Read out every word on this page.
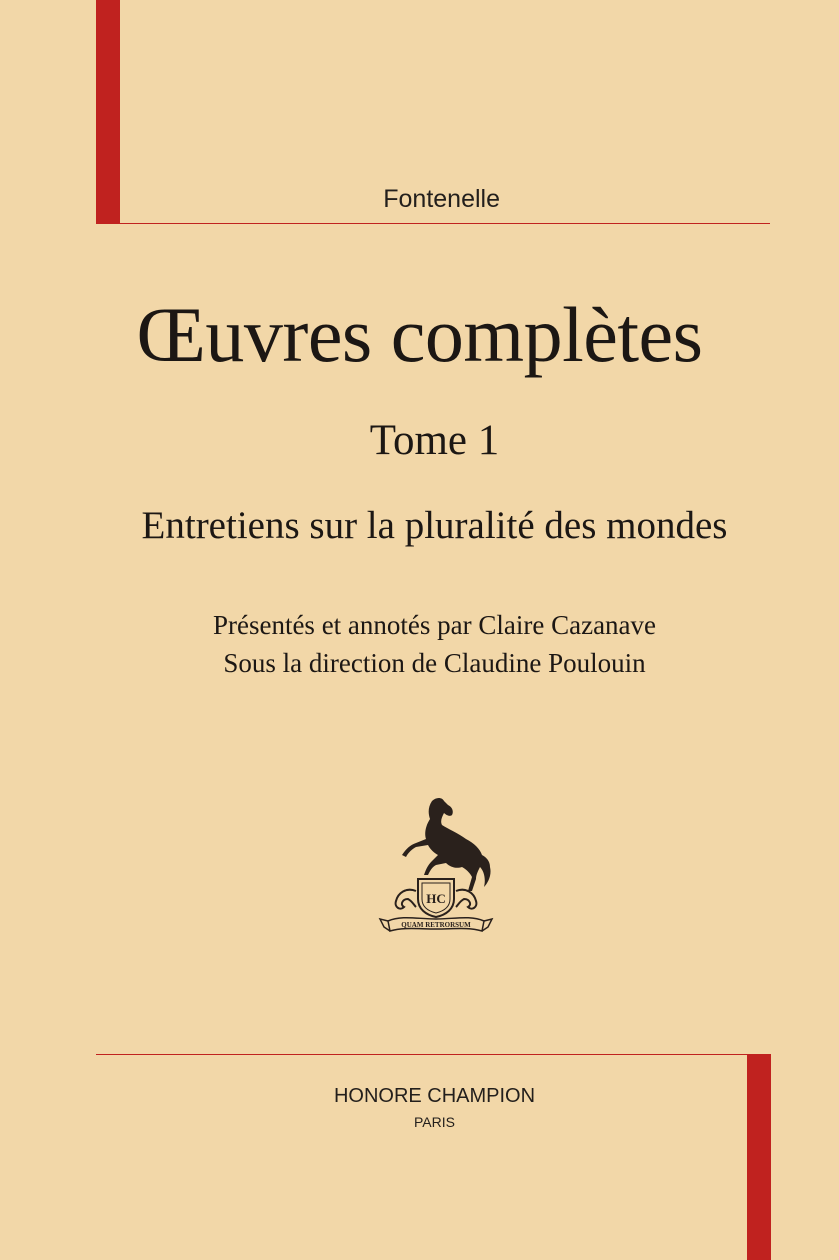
Fontenelle
Œuvres complètes
Tome 1
Entretiens sur la pluralité des mondes
Présentés et annotés par Claire Cazanave
Sous la direction de Claudine Poulouin
HC
QUAM RETRORSUM
HONORE CHAMPION
PARIS
